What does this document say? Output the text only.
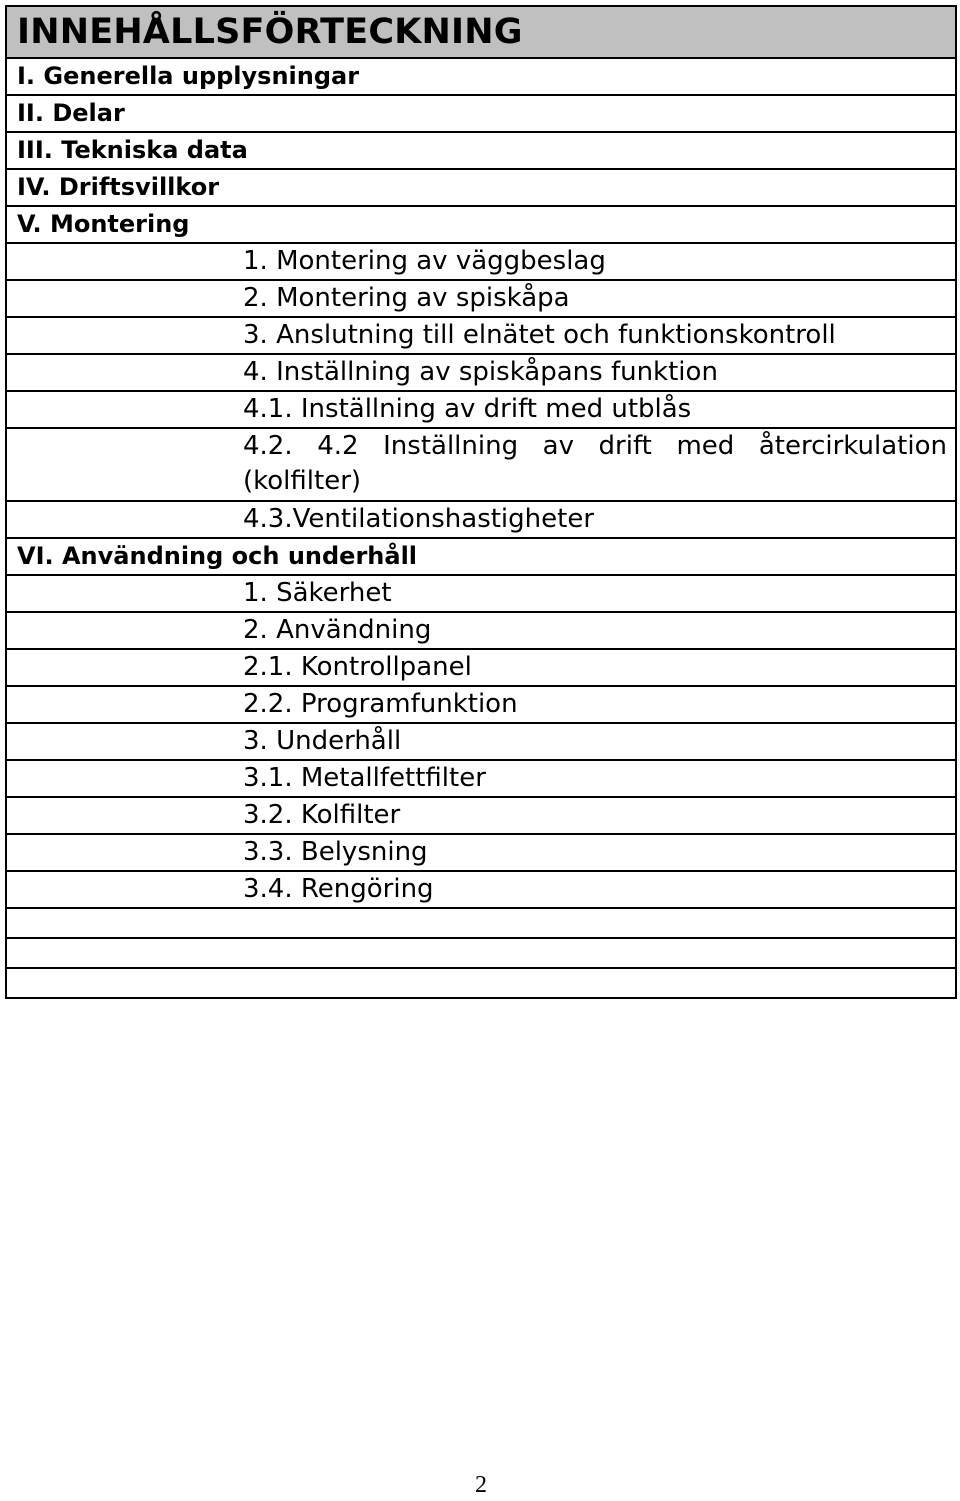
INNEHÅLLSFÖRTECKNING
I. Generella upplysningar
II. Delar
III. Tekniska data
IV. Driftsvillkor
V. Montering
1. Montering av väggbeslag
2. Montering av spiskåpa
3. Anslutning till elnätet och funktionskontroll
4. Inställning av spiskåpans funktion
4.1. Inställning av drift med utblås
4.2. 4.2 Inställning av drift med återcirkulation (kolfilter)
4.3.Ventilationshastigheter
VI. Användning och underhåll
1. Säkerhet
2. Användning
2.1. Kontrollpanel
2.2. Programfunktion
3. Underhåll
3.1. Metallfettfilter
3.2. Kolfilter
3.3. Belysning
3.4. Rengöring

2
